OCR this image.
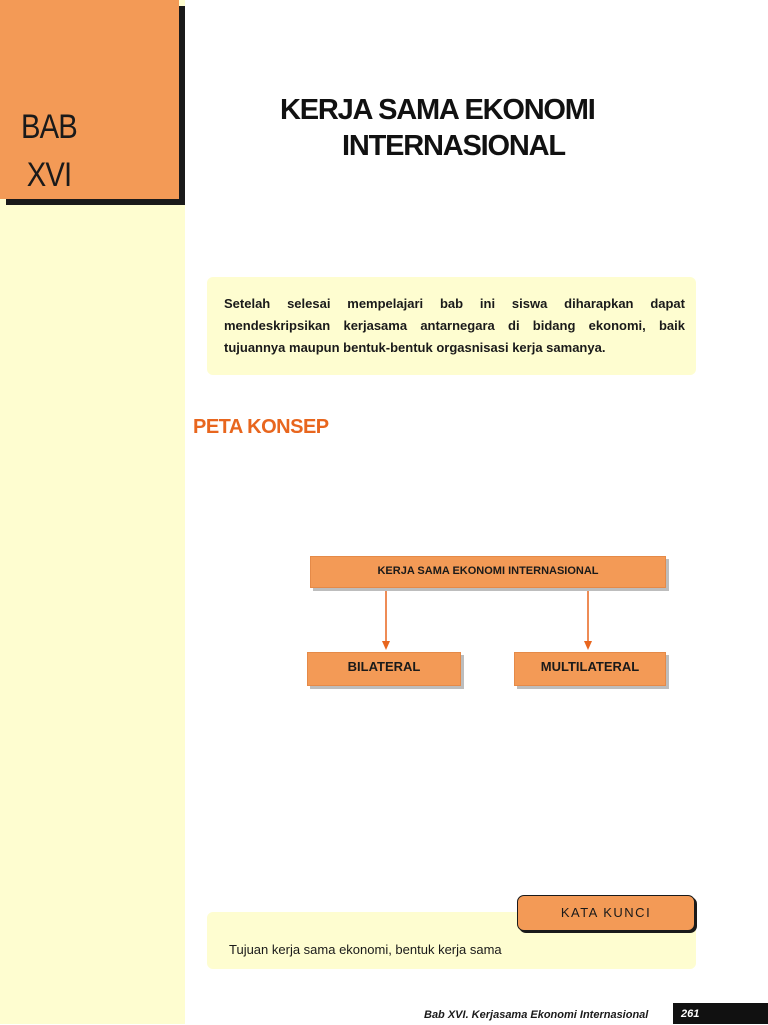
BAB
XVI
KERJA SAMA EKONOMI
INTERNASIONAL
Setelah selesai mempelajari bab ini siswa diharapkan dapat mendeskripsikan kerjasama antarnegara di bidang ekonomi, baik tujuannya maupun bentuk-bentuk orgasnisasi kerja samanya.
PETA KONSEP
KERJA SAMA EKONOMI INTERNASIONAL
BILATERAL	MULTILATERAL
Tujuan kerja sama ekonomi, bentuk kerja sama
KATA KUNCI
Bab XVI. Kerjasama Ekonomi Internasional	261
